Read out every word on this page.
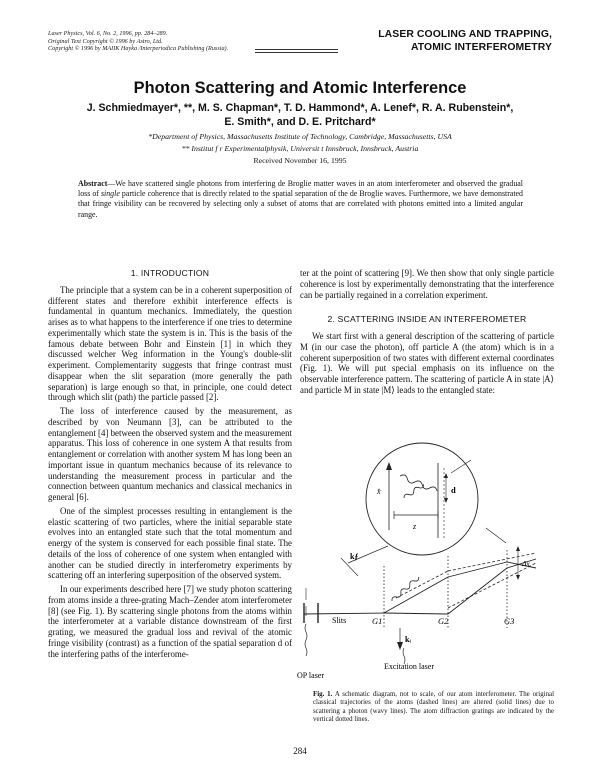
Laser Physics, Vol. 6, No. 2, 1996, pp. 284–289.
Original Text Copyright © 1996 by Astro, Ltd.
Copyright © 1996 by MAIIK Hayka /Interperiodica Publishing (Russia).
LASER COOLING AND TRAPPING,
ATOMIC INTERFEROMETRY
Photon Scattering and Atomic Interference
J. Schmiedmayer*, **, M. S. Chapman*, T. D. Hammond*, A. Lenef*, R. A. Rubenstein*,
E. Smith*, and D. E. Pritchard*
*Department of Physics, Massachusetts Institute of Technology, Cambridge, Massachusetts, USA
** Institut f r Experimentalphysik, Universit t Innsbruck, Innsbruck, Austria
Received November 16, 1995
Abstract—We have scattered single photons from interfering de Broglie matter waves in an atom interferometer and observed the gradual loss of single particle coherence that is directly related to the spatial separation of the de Broglie waves. Furthermore, we have demonstrated that fringe visibility can be recovered by selecting only a subset of atoms that are correlated with photons emitted into a limited angular range.
1. INTRODUCTION

The principle that a system can be in a coherent superposition of different states and therefore exhibit interference effects is fundamental in quantum mechanics. Immediately, the question arises as to what happens to the interference if one tries to determine experimentally which state the system is in. This is the basis of the famous debate between Bohr and Einstein [1] in which they discussed welcher Weg information in the Young's double-slit experiment. Complementarity suggests that fringe contrast must disappear when the slit separation (more generally the path separation) is large enough so that, in principle, one could detect through which slit (path) the particle passed [2].

The loss of interference caused by the measurement, as described by von Neumann [3], can be attributed to the entanglement [4] between the observed system and the measurement apparatus. This loss of coherence in one system A that results from entanglement or correlation with another system M has long been an important issue in quantum mechanics because of its relevance to understanding the measurement process in particular and the connection between quantum mechanics and classical mechanics in general [6].

One of the simplest processes resulting in entanglement is the elastic scattering of two particles, where the initial separable state evolves into an entangled state such that the total momentum and energy of the system is conserved for each possible final state. The details of the loss of coherence of one system when entangled with another can be studied directly in interferometry experiments by scattering off an interfering superposition of the observed system.

In our experiments described here [7] we study photon scattering from atoms inside a three-grating Mach–Zender atom interferometer [8] (see Fig. 1). By scattering single photons from the atoms within the interferometer at a variable distance downstream of the first grating, we measured the gradual loss and revival of the atomic fringe visibility (contrast) as a function of the spatial separation d of the interfering paths of the interferome-

ter at the point of scattering [9]. We then show that only single particle coherence is lost by experimentally demonstrating that the interference can be partially regained in a correlation experiment.

2. SCATTERING INSIDE AN INTERFEROMETER

We start first with a general description of the scattering of particle M (in our case the photon), off particle A (the atom) which is in a coherent superposition of two states with different external coordinates (Fig. 1). We will put special emphasis on its influence on the observable interference pattern. The scattering of particle A in state |A⟩ and particle M in state |M⟩ leads to the entangled state:

x̂	d
z
kƒ
kᵢ
Δx
Slits	G1	G2	G3
OP laser
Excitation laser
Fig. 1. A schematic diagram, not to scale, of our atom interferometer. The original classical trajectories of the atoms (dashed lines) are altered (solid lines) due to scattering a photon (wavy lines). The atom diffraction gratings are indicated by the vertical dotted lines.
284
